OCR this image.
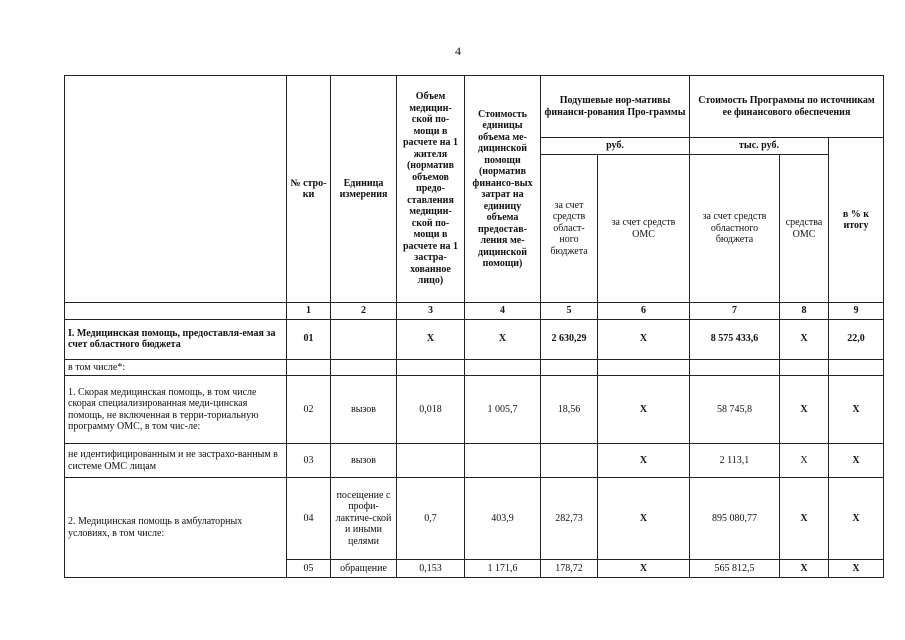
4
	№ стро-ки	Единица измерения	Объем медицин-ской по-мощи в расчете на 1 жителя (норматив объемов предо-ставления медицин-ской по-мощи в расчете на 1 застра-хованное лицо)	Стоимость единицы объема ме-дицинской помощи (норматив финансо-вых затрат на единицу объема предостав-ления ме-дицинской помощи)	Подушевые нор-мативы финанси-рования Про-граммы		Стоимость Программы по источникам ее финансового обеспечения		
					руб.		тыс. руб.		в % к итогу
					за счет средств област-ного бюджета	за счет средств ОМС	за счет средств областного бюджета	средства ОМС	
	1	2	3	4	5	6	7	8	9
I. Медицинская помощь, предоставля-емая за счет областного бюджета	01		Х	Х	2 630,29	Х	8 575 433,6	Х	22,0
в том числе*:									
1. Скорая медицинская помощь, в том числе скорая специализированная меди-цинская помощь, не включенная в терри-ториальную программу ОМС, в том чис-ле:	02	вызов	0,018	1 005,7	18,56	Х	58 745,8	Х	Х
не идентифицированным и не застрахо-ванным в системе ОМС лицам	03	вызов				Х	2 113,1	Х	Х
2. Медицинская помощь в амбулаторных условиях, в том числе:	04	посещение с профи-лактиче-ской и иными целями	0,7	403,9	282,73	Х	895 080,77	Х	Х
	05	обращение	0,153	1 171,6	178,72	Х	565 812,5	Х	Х
